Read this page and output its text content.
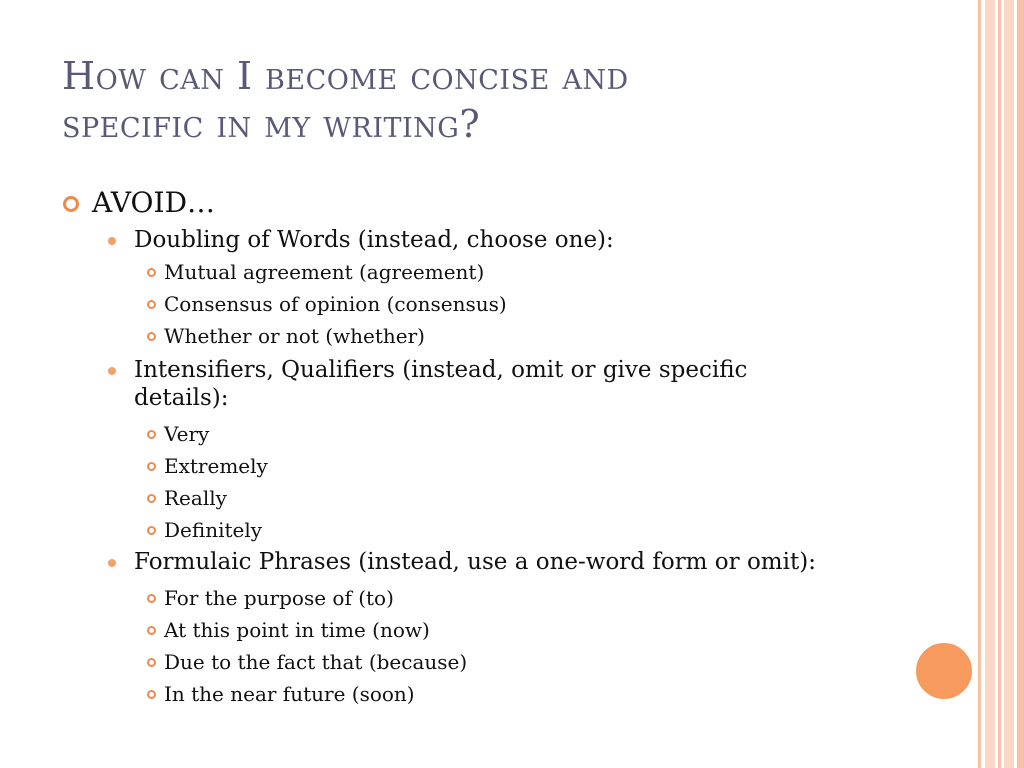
How can I become concise and
specific in my writing?
AVOID…
Doubling of Words (instead, choose one):
Mutual agreement (agreement)
Consensus of opinion (consensus)
Whether or not (whether)
Intensifiers, Qualifiers (instead, omit or give specific
details):
Very
Extremely
Really
Definitely
Formulaic Phrases (instead, use a one-word form or omit):
For the purpose of (to)
At this point in time (now)
Due to the fact that (because)
In the near future (soon)
